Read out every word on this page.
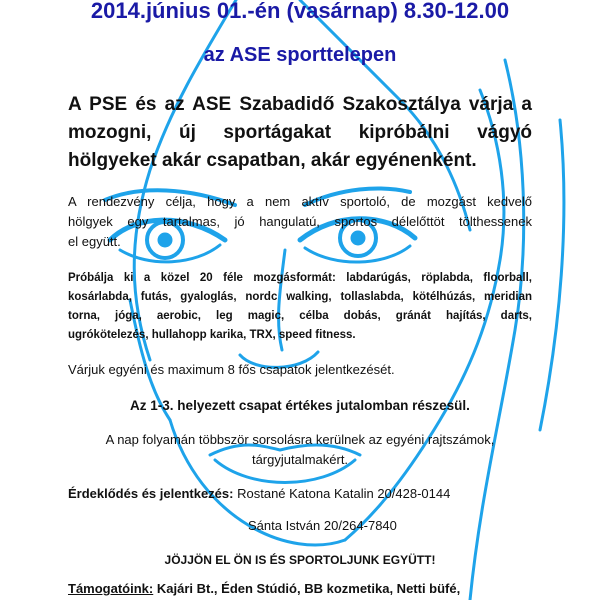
2014.június 01.-én (vasárnap) 8.30-12.00
az ASE sporttelepen
A PSE és az ASE Szabadidő Szakosztálya várja a
mozogni, új sportágakat kipróbálni vágyó
hölgyeket akár csapatban, akár egyénenként.
A rendezvény célja, hogy a nem aktív sportoló, de mozgást kedvelő
hölgyek egy tartalmas, jó hangulatú, sportos délelőttöt tölthessenek
el együtt.
Próbálja ki a közel 20 féle mozgásformát: labdarúgás, röplabda, floorball,
kosárlabda, futás, gyaloglás, nordc walking, tollaslabda, kötélhúzás, meridian
torna, jóga, aerobic, leg magic, célba dobás, gránát hajítás, darts,
ugrókötelezés, hullahopp karika, TRX, speed fitness.
Várjuk egyéni és maximum 8 fős csapatok jelentkezését.
Az 1-3. helyezett csapat értékes jutalomban részesül.
A nap folyamán többször sorsolásra kerülnek az egyéni rajtszámok,
tárgyjutalmakért.
Érdeklődés és jelentkezés: Rostané Katona Katalin 20/428-0144
Sánta István 20/264-7840
JÖJJÖN EL ÖN IS ÉS SPORTOLJUNK EGYÜTT!
Támogatóink: Kajári Bt., Éden Stúdió, BB kozmetika, Netti büfé,
